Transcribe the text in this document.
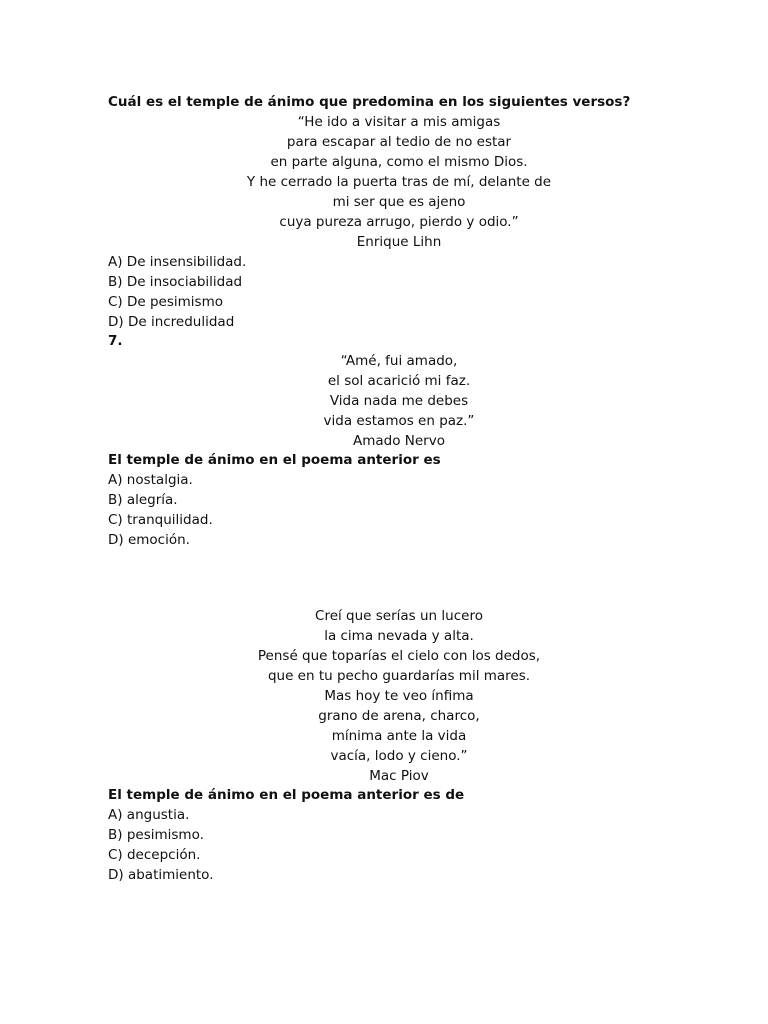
Cuál es el temple de ánimo que predomina en los siguientes versos?
“He ido a visitar a mis amigas
para escapar al tedio de no estar
en parte alguna, como el mismo Dios.
Y he cerrado la puerta tras de mí, delante de
mi ser que es ajeno
cuya pureza arrugo, pierdo y odio.”
Enrique Lihn
A) De insensibilidad.
B) De insociabilidad
C) De pesimismo
D) De incredulidad
7.
“Amé, fui amado,
el sol acarició mi faz.
Vida nada me debes
vida estamos en paz.”
Amado Nervo
El temple de ánimo en el poema anterior es
A) nostalgia.
B) alegría.
C) tranquilidad.
D) emoción.
Creí que serías un lucero
la cima nevada y alta.
Pensé que toparías el cielo con los dedos,
que en tu pecho guardarías mil mares.
Mas hoy te veo ínfima
grano de arena, charco,
mínima ante la vida
vacía, lodo y cieno.”
Mac Piov
El temple de ánimo en el poema anterior es de
A) angustia.
B) pesimismo.
C) decepción.
D) abatimiento.
